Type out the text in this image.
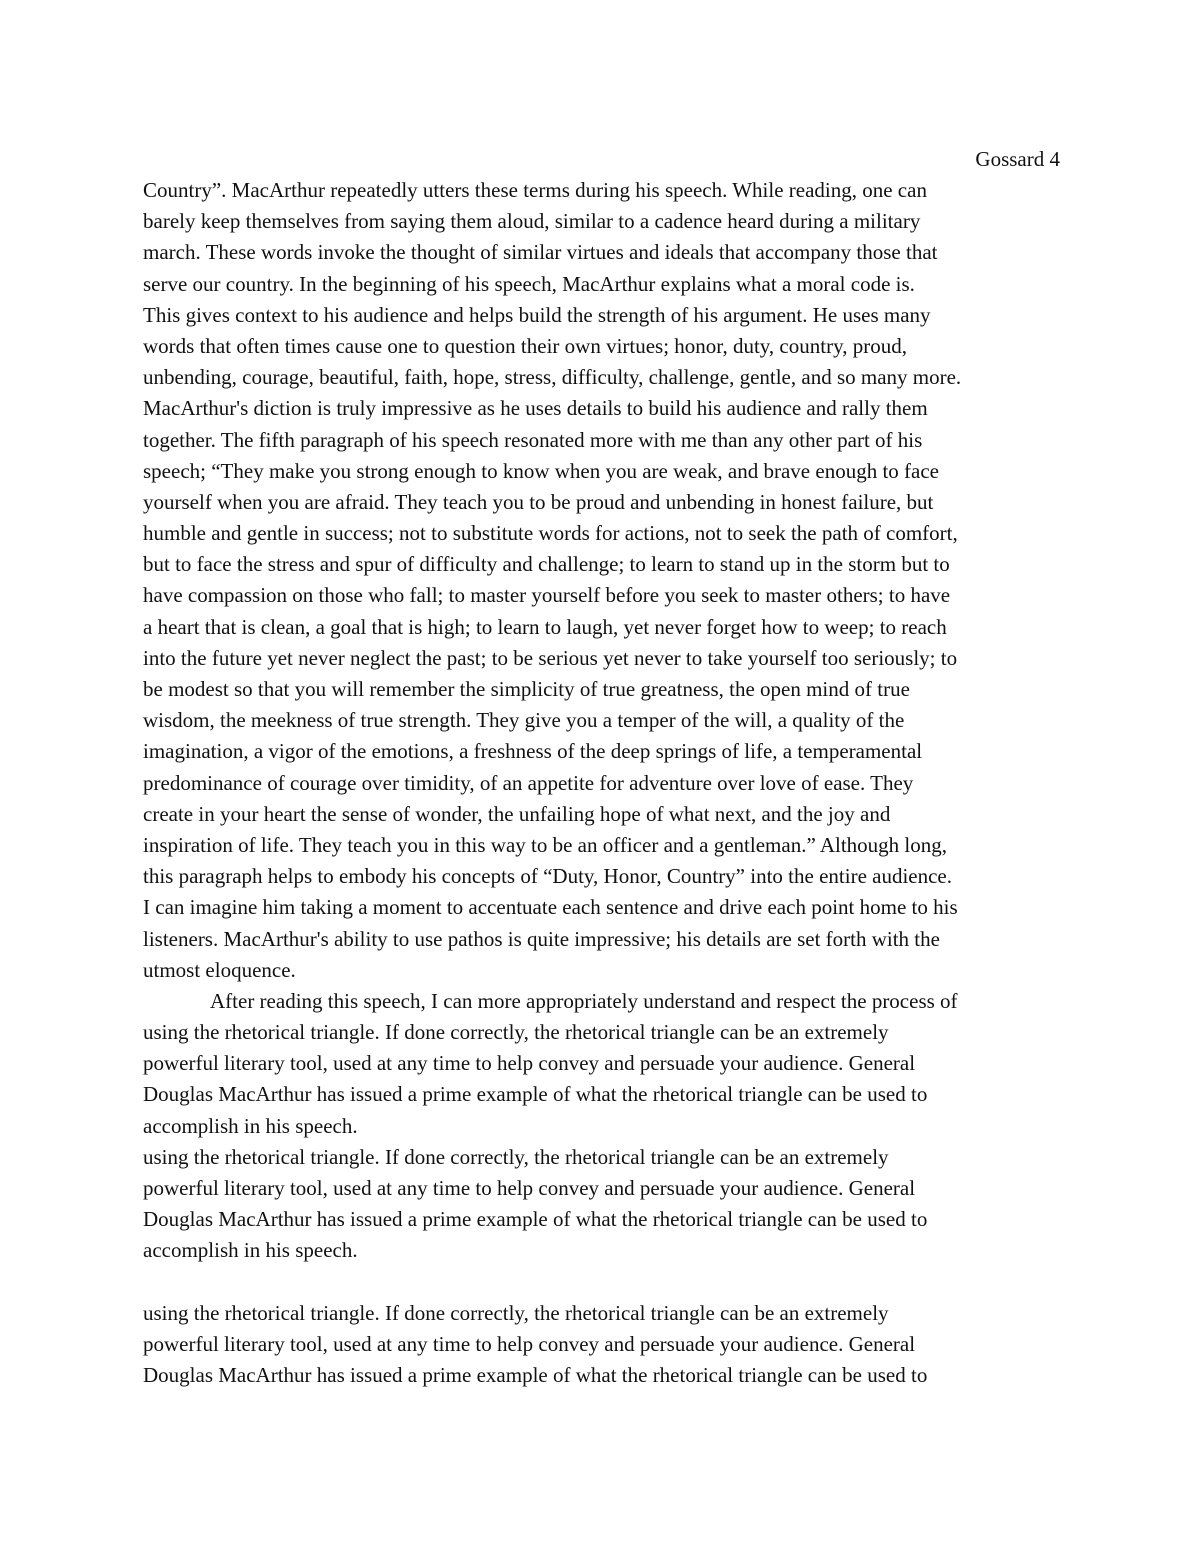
Gossard 4
Country”. MacArthur repeatedly utters these terms during his speech. While reading, one can
barely keep themselves from saying them aloud, similar to a cadence heard during a military
march. These words invoke the thought of similar virtues and ideals that accompany those that
serve our country. In the beginning of his speech, MacArthur explains what a moral code is.
This gives context to his audience and helps build the strength of his argument. He uses many
words that often times cause one to question their own virtues; honor, duty, country, proud,
unbending, courage, beautiful, faith, hope, stress, difficulty, challenge, gentle, and so many more.
MacArthur's diction is truly impressive as he uses details to build his audience and rally them
together. The fifth paragraph of his speech resonated more with me than any other part of his
speech; “They make you strong enough to know when you are weak, and brave enough to face
yourself when you are afraid. They teach you to be proud and unbending in honest failure, but
humble and gentle in success; not to substitute words for actions, not to seek the path of comfort,
but to face the stress and spur of difficulty and challenge; to learn to stand up in the storm but to
have compassion on those who fall; to master yourself before you seek to master others; to have
a heart that is clean, a goal that is high; to learn to laugh, yet never forget how to weep; to reach
into the future yet never neglect the past; to be serious yet never to take yourself too seriously; to
be modest so that you will remember the simplicity of true greatness, the open mind of true
wisdom, the meekness of true strength. They give you a temper of the will, a quality of the
imagination, a vigor of the emotions, a freshness of the deep springs of life, a temperamental
predominance of courage over timidity, of an appetite for adventure over love of ease. They
create in your heart the sense of wonder, the unfailing hope of what next, and the joy and
inspiration of life. They teach you in this way to be an officer and a gentleman.” Although long,
this paragraph helps to embody his concepts of “Duty, Honor, Country” into the entire audience.
I can imagine him taking a moment to accentuate each sentence and drive each point home to his
listeners. MacArthur's ability to use pathos is quite impressive; his details are set forth with the
utmost eloquence.
After reading this speech, I can more appropriately understand and respect the process of
using the rhetorical triangle. If done correctly, the rhetorical triangle can be an extremely
powerful literary tool, used at any time to help convey and persuade your audience. General
Douglas MacArthur has issued a prime example of what the rhetorical triangle can be used to
accomplish in his speech.
using the rhetorical triangle. If done correctly, the rhetorical triangle can be an extremely
powerful literary tool, used at any time to help convey and persuade your audience. General
Douglas MacArthur has issued a prime example of what the rhetorical triangle can be used to
accomplish in his speech.
using the rhetorical triangle. If done correctly, the rhetorical triangle can be an extremely
powerful literary tool, used at any time to help convey and persuade your audience. General
Douglas MacArthur has issued a prime example of what the rhetorical triangle can be used to
